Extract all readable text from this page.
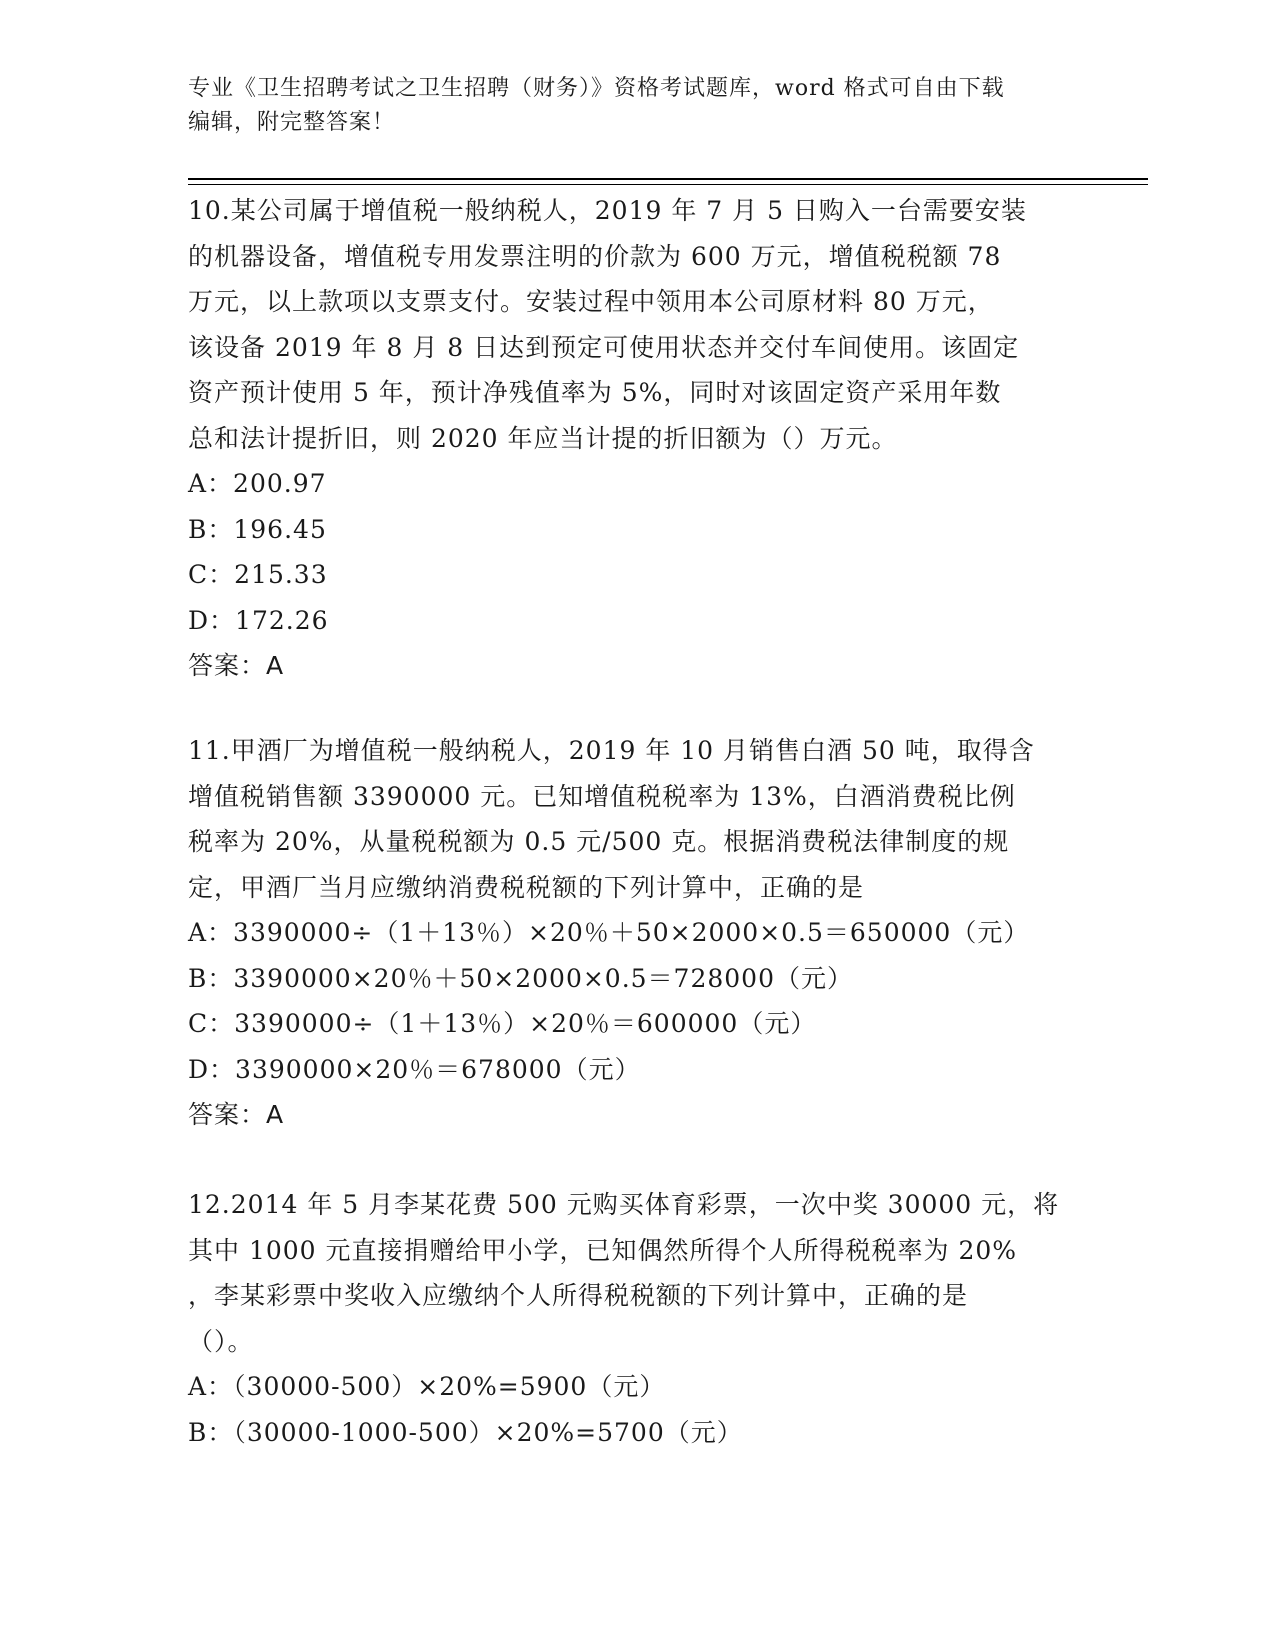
专业《卫生招聘考试之卫生招聘（财务）》资格考试题库，word 格式可自由下载
编辑，附完整答案！

10.某公司属于增值税一般纳税人，2019 年 7 月 5 日购入一台需要安装

的机器设备，增值税专用发票注明的价款为 600 万元，增值税税额 78

万元，以上款项以支票支付。安装过程中领用本公司原材料 80 万元，

该设备 2019 年 8 月 8 日达到预定可使用状态并交付车间使用。该固定

资产预计使用 5 年，预计净残值率为 5%，同时对该固定资产采用年数

总和法计提折旧，则 2020 年应当计提的折旧额为（）万元。

A：200.97

B：196.45

C：215.33

D：172.26

答案：A

11.甲酒厂为增值税一般纳税人，2019 年 10 月销售白酒 50 吨，取得含

增值税销售额 3390000 元。已知增值税税率为 13%，白酒消费税比例

税率为 20%，从量税税额为 0.5 元/500 克。根据消费税法律制度的规

定，甲酒厂当月应缴纳消费税税额的下列计算中，正确的是

A：3390000÷（1＋13％）×20％＋50×2000×0.5＝650000（元）

B：3390000×20％＋50×2000×0.5＝728000（元）

C：3390000÷（1＋13％）×20％＝600000（元）

D：3390000×20％＝678000（元）

答案：A

12.2014 年 5 月李某花费 500 元购买体育彩票，一次中奖 30000 元，将

其中 1000 元直接捐赠给甲小学，已知偶然所得个人所得税税率为 20%

，李某彩票中奖收入应缴纳个人所得税税额的下列计算中，正确的是

（）。

A：（30000-500）×20%=5900（元）

B：（30000-1000-500）×20%=5700（元）
